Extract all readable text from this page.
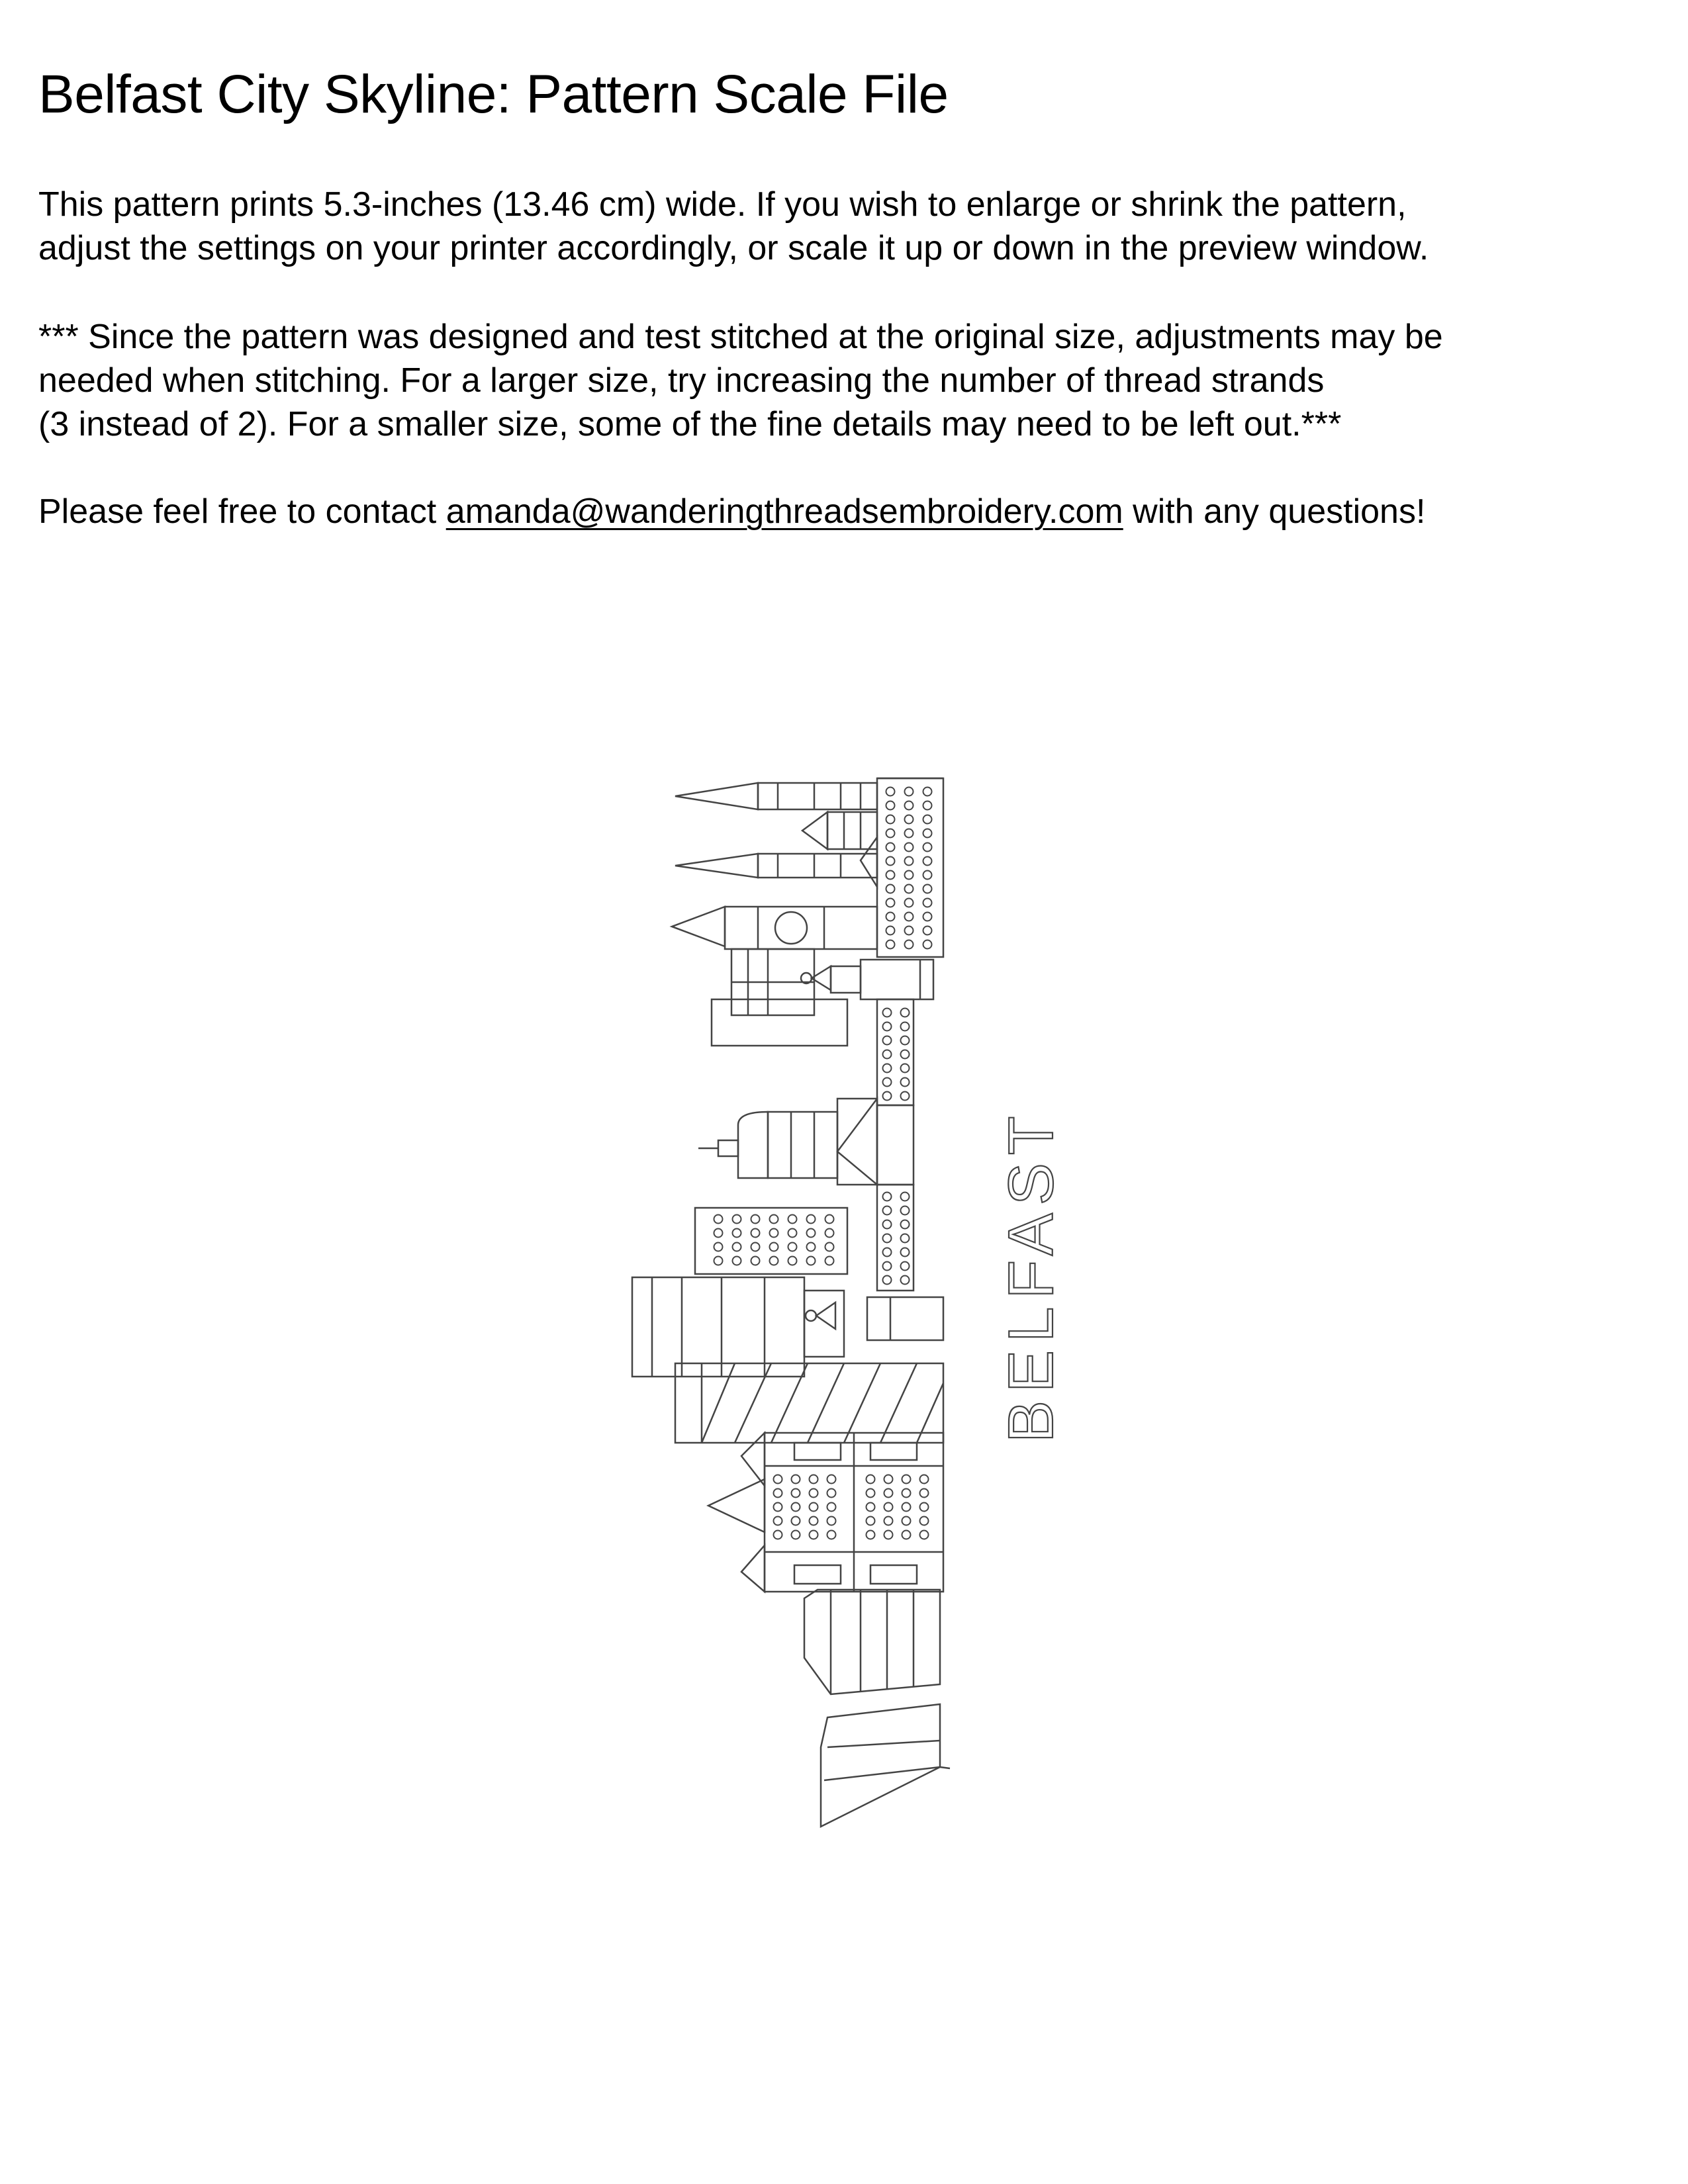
Belfast City Skyline: Pattern Scale File

This pattern prints 5.3-inches (13.46 cm) wide. If you wish to enlarge or shrink the pattern,
adjust the settings on your printer accordingly, or scale it up or down in the preview window.

*** Since the pattern was designed and test stitched at the original size, adjustments may be
needed when stitching. For a larger size, try increasing the number of thread strands
(3 instead of 2). For a smaller size, some of the fine details may need to be left out.***

Please feel free to contact amanda@wanderingthreadsembroidery.com with any questions!

BELFAST
